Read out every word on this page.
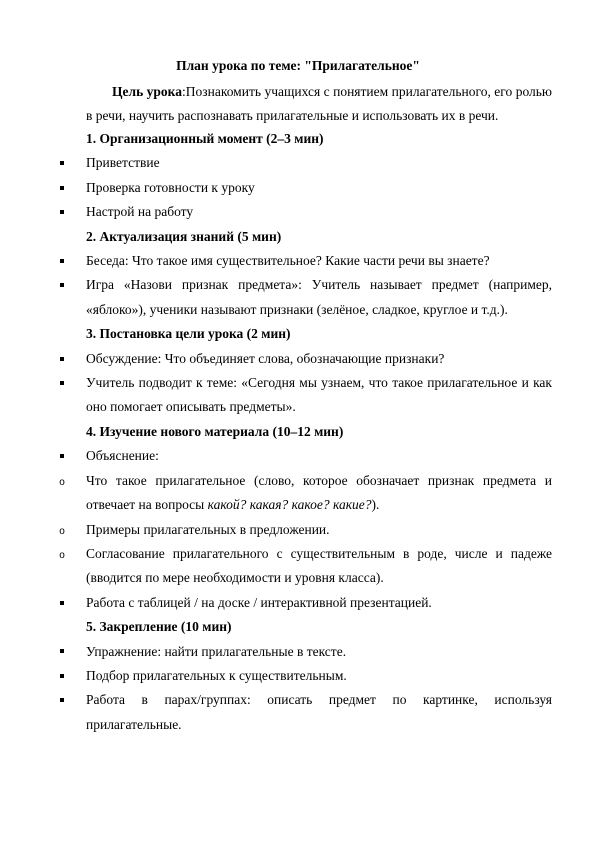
План урока по теме: "Прилагательное"
Цель урока:Познакомить учащихся с понятием прилагательного, его ролью в речи, научить распознавать прилагательные и использовать их в речи.
1. Организационный момент (2–3 мин)
Приветствие
Проверка готовности к уроку
Настрой на работу
2. Актуализация знаний (5 мин)
Беседа: Что такое имя существительное? Какие части речи вы знаете?
Игра «Назови признак предмета»: Учитель называет предмет (например, «яблоко»), ученики называют признаки (зелёное, сладкое, круглое и т.д.).
3. Постановка цели урока (2 мин)
Обсуждение: Что объединяет слова, обозначающие признаки?
Учитель подводит к теме: «Сегодня мы узнаем, что такое прилагательное и как оно помогает описывать предметы».
4. Изучение нового материала (10–12 мин)
Объяснение:
o Что такое прилагательное (слово, которое обозначает признак предмета и отвечает на вопросы какой? какая? какое? какие?).
o Примеры прилагательных в предложении.
o Согласование прилагательного с существительным в роде, числе и падеже (вводится по мере необходимости и уровня класса).
Работа с таблицей / на доске / интерактивной презентацией.
5. Закрепление (10 мин)
Упражнение: найти прилагательные в тексте.
Подбор прилагательных к существительным.
Работа в парах/группах: описать предмет по картинке, используя прилагательные.
